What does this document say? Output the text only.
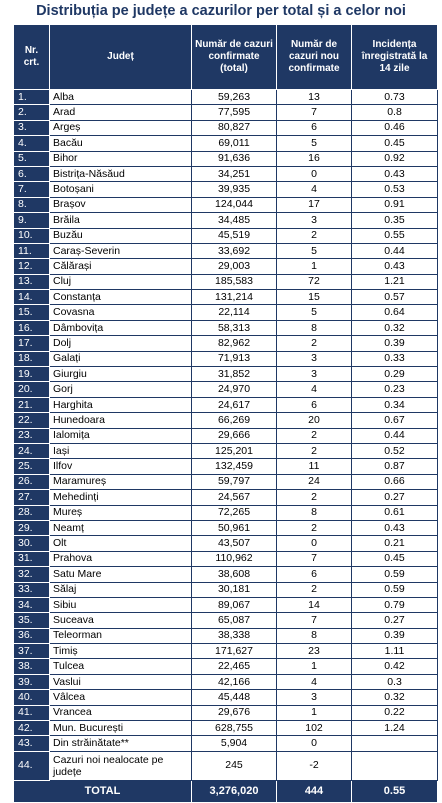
Distribuția pe județe a cazurilor per total și a celor noi
Nr. crt.	Județ	Număr de cazuri confirmate (total)	Număr de cazuri nou confirmate	Incidența înregistrată la 14 zile
1.	Alba	59,263	13	0.73
2.	Arad	77,595	7	0.8
3.	Argeș	80,827	6	0.46
4.	Bacău	69,011	5	0.45
5.	Bihor	91,636	16	0.92
6.	Bistrița-Năsăud	34,251	0	0.43
7.	Botoșani	39,935	4	0.53
8.	Brașov	124,044	17	0.91
9.	Brăila	34,485	3	0.35
10.	Buzău	45,519	2	0.55
11.	Caraș-Severin	33,692	5	0.44
12.	Călărași	29,003	1	0.43
13.	Cluj	185,583	72	1.21
14.	Constanța	131,214	15	0.57
15.	Covasna	22,114	5	0.64
16.	Dâmbovița	58,313	8	0.32
17.	Dolj	82,962	2	0.39
18.	Galați	71,913	3	0.33
19.	Giurgiu	31,852	3	0.29
20.	Gorj	24,970	4	0.23
21.	Harghita	24,617	6	0.34
22.	Hunedoara	66,269	20	0.67
23.	Ialomița	29,666	2	0.44
24.	Iași	125,201	2	0.52
25.	Ilfov	132,459	11	0.87
26.	Maramureș	59,797	24	0.66
27.	Mehedinți	24,567	2	0.27
28.	Mureș	72,265	8	0.61
29.	Neamț	50,961	2	0.43
30.	Olt	43,507	0	0.21
31.	Prahova	110,962	7	0.45
32.	Satu Mare	38,608	6	0.59
33.	Sălaj	30,181	2	0.59
34.	Sibiu	89,067	14	0.79
35.	Suceava	65,087	7	0.27
36.	Teleorman	38,338	8	0.39
37.	Timiș	171,627	23	1.11
38.	Tulcea	22,465	1	0.42
39.	Vaslui	42,166	4	0.3
40.	Vâlcea	45,448	3	0.32
41.	Vrancea	29,676	1	0.22
42.	Mun. București	628,755	102	1.24
43.	Din străinătate**	5,904	0	
44.	Cazuri noi nealocate pe județe	245	-2	
TOTAL		3,276,020	444	0.55
